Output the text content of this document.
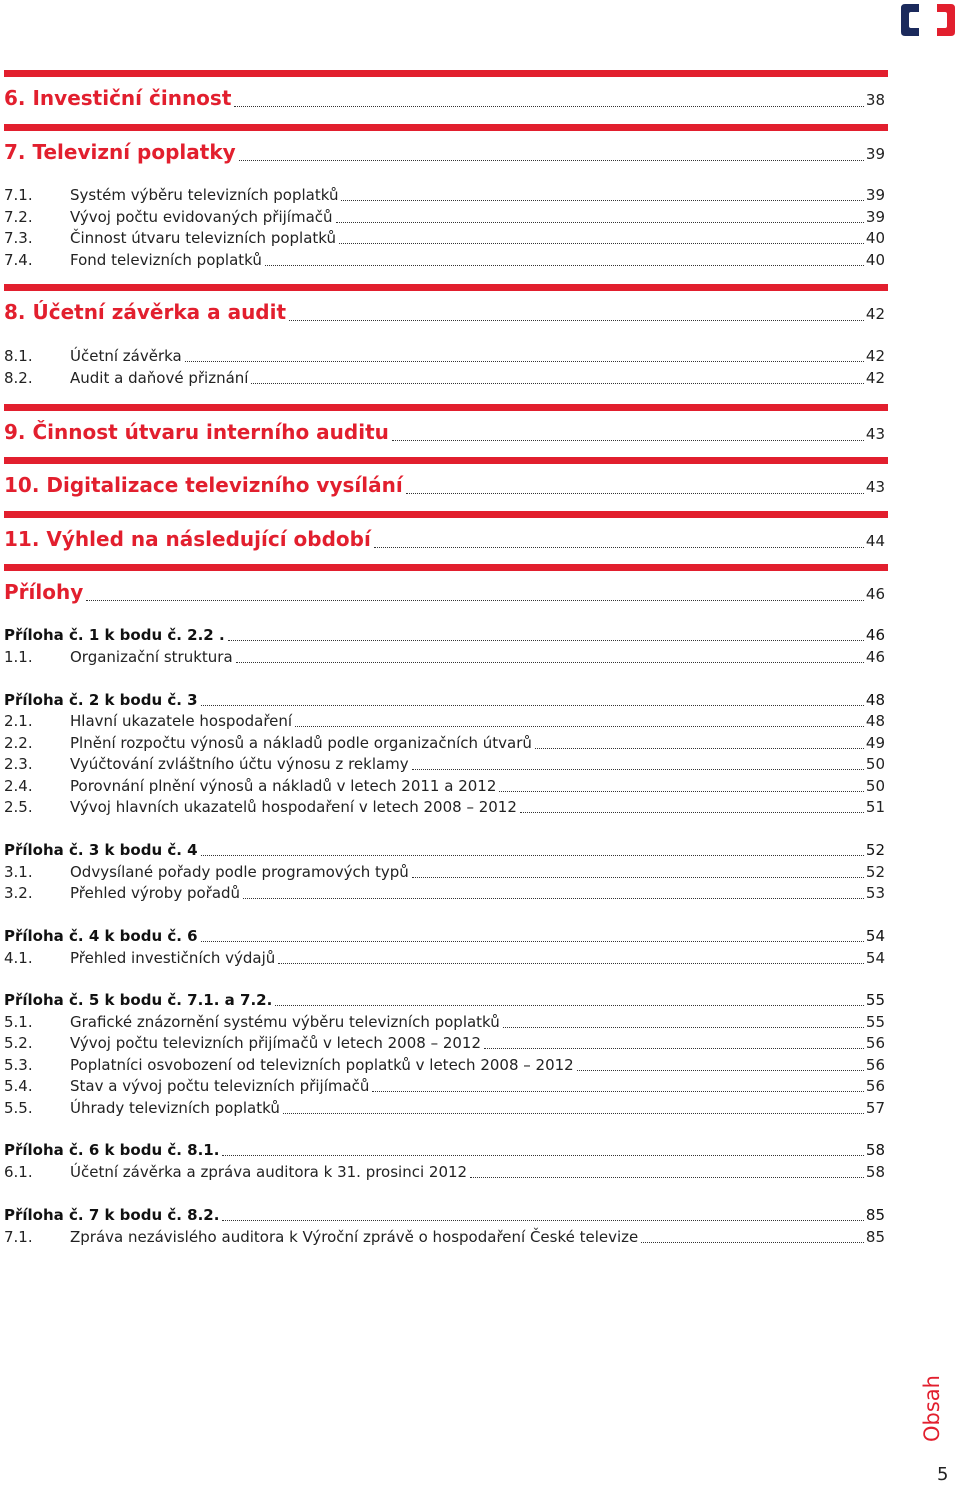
6. Investiční činnost	38
7. Televizní poplatky	39
7.1.	Systém výběru televizních poplatků	39
7.2.	Vývoj počtu evidovaných přijímačů	39
7.3.	Činnost útvaru televizních poplatků	40
7.4.	Fond televizních poplatků	40
8. Účetní závěrka a audit	42
8.1.	Účetní závěrka	42
8.2.	Audit a daňové přiznání	42
9. Činnost útvaru interního auditu	43
10. Digitalizace televizního vysílání	43
11. Výhled na následující období	44
Přílohy	46
Příloha č. 1 k bodu č. 2.2 .	46
1.1.	Organizační struktura	46
Příloha č. 2 k bodu č. 3	48
2.1.	Hlavní ukazatele hospodaření	48
2.2.	Plnění rozpočtu výnosů a nákladů podle organizačních útvarů	49
2.3.	Vyúčtování zvláštního účtu výnosu z reklamy	50
2.4.	Porovnání plnění výnosů a nákladů v letech 2011 a 2012	50
2.5.	Vývoj hlavních ukazatelů hospodaření v letech 2008 – 2012	51
Příloha č. 3 k bodu č. 4	52
3.1.	Odvysílané pořady podle programových typů	52
3.2.	Přehled výroby pořadů	53
Příloha č. 4 k bodu č. 6	54
4.1.	Přehled investičních výdajů	54
Příloha č. 5 k bodu č. 7.1. a 7.2.	55
5.1.	Grafické znázornění systému výběru televizních poplatků	55
5.2.	Vývoj počtu televizních přijímačů v letech 2008 – 2012	56
5.3.	Poplatníci osvobození od televizních poplatků v letech 2008 – 2012	56
5.4.	Stav a vývoj počtu televizních přijímačů	56
5.5.	Úhrady televizních poplatků	57
Příloha č. 6 k bodu č. 8.1.	58
6.1.	Účetní závěrka a zpráva auditora k 31. prosinci 2012	58
Příloha č. 7 k bodu č. 8.2.	85
7.1.	Zpráva nezávislého auditora k Výroční zprávě o hospodaření České televize	85
Obsah
5
